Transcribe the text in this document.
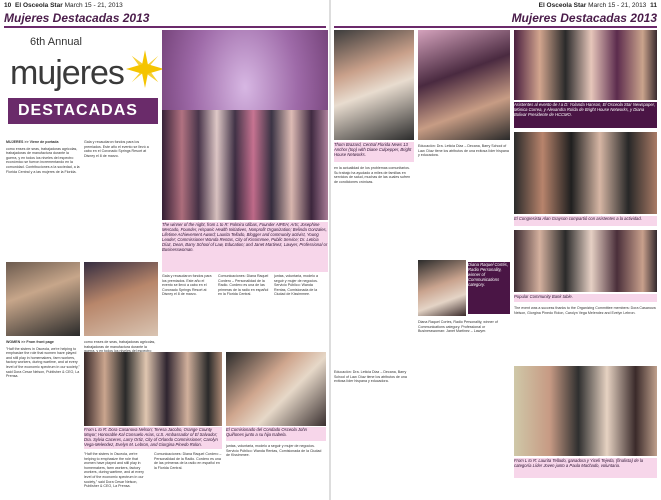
10 El Osceola Star March 15 - 21, 2013
Mujeres Destacadas 2013
El Osceola Star March 15 - 21, 2013 11
Mujeres Destacadas 2013
6th Annual
mujeres
DESTACADAS

MUJERES >> Viene de portada

como enses de seas, trabajadoras agricolas, trabajadoras de manufactura durante la guerra, y en todos los niveles del espectro económico se fueron incrementando en la comunidad. Contribuciones a la sociedad, a la Florida Central y a las mujeres de la Florida.

Gala y recaudaron fondos para los premiados. Este año el evento se llevó a cabo en el Coronado Springs Resort at Disney el 8 de marzo.

WOMEN >> From front page

"Half the sisters in Osceola, we're helping to emphasize the role that women have played and still play in homemakers, farm workers, factory workers, during wartime, and at every level of the economic spectrum in our society," said Dora Cesar Nelson, Publisher & CEO, La Prensa.

como enses de seas, trabajadoras agricolas, trabajadoras de manufactura durante la

The winner of the night, from L to R: Palmira Ulibas, Founder AIPEH, Arts; Josephine Mercado, Founder, Hispanic Health Initiatives, Nonprofit Organization; Belinda Gonzales, Lifetime Achievement Award; Laurita Tellado, Blogger and community activist, Young Leader; Commissioner Wanda Rentas, City of Kissimmee, Public Service; Dr. Leticia Díaz, Dean, Barry School of Law, Education; and Janet Martinez, Lawyer, Professional or Businesswoman.

Gala y recaudaron fondos para los premiados. Este año el evento se llevó a cabo en el Coronado Springs Resort at Disney el 8 de marzo.

Comunicaciones: Diana Raquel Cordero – Personalidad de la Radio. Cordero es una de las primeras de la radio en español en la Florida Central.

juntas, voluntaria, modelo a seguir y mujer de negocios. Servicio Público: Wanda Rentas, Comisionada de la Ciudad de Kissimmee.

From L to R: Dora Casanova Nelson; Teresa Jacobo, Orange County Mayor; Honorable Kal Consuelo Arias, U.S. Ambassador of El Salvador; Dra. Sylvia Caceres, Larry Ortiz, City of Orlando Commissioner; Carolyn Vega-Melendez, Evelyn M. Lebron, and Giorgina Pinedo Rolon.

"Half the sisters in Osceola, we're helping to emphasize the role that women have played and still play in homemakers, farm workers, factory workers, during wartime, and at every level of the economic spectrum in our society," said Dora Cesar Nelson, Publisher & CEO, La Prensa.

Comunicaciones: Diana Raquel Cordero – Personalidad de la Radio. Cordero es una de las primeras de la radio en español en la Florida Central.

El Comisionado del Condado Osceola John Quiñones junto a su hija Isabela.

juntas, voluntaria, modelo a seguir y mujer de negocios. Servicio Público: Wanda Rentas, Comisionada de la Ciudad de Kissimmee.

Thom Brazard, Central Florida News 13 Anchor (top) with Diane Culpepper, Bright House Networks.
Asistentes al evento de I a D: Yolanda Hanson, El Osceola Star Newspaper, Mónica Correa, y Alexandra Rolda de Bright House Networks, y Diana Bolivar Presidente de HCCMO.

en la actualidad de los problemas comunitarios. Su trabajo ha ayudado a miles de familias en servicios de salud, muchas de las cuales sufren de condiciones crónicas.

Educación: Dra. Leticia Díaz – Decana, Barry School of Law. Díaz tiene los atributos de una exitosa líder hispana y educadora.

El Congresista Alan Grayson compartió con asistentes a la actividad.
Popular Community Bank table.
Diana Raquel Cortés, Radio Personality, winner of Communications category.

Diana Raquel Cortes, Radio Personality, winner of Communications category. Professional or Businesswoman: Janet Martinez – Lawyer.

The event was a success thanks to the Organizing Committee members: Dora Casanova Nelson, Giorgina Pinedo Rolon, Carolyn Vega Melendez and Evelyn Lebron.

From L to R: Laurita Tellado, ganadora y Yiceli Tejeda, (finalista) de la categoría Líder Joven junto a Paula Machado, voluntaria.

Educación: Dra. Leticia Díaz – Decana, Barry School of Law. Díaz tiene los atributos de una exitosa líder hispana y educadora.
